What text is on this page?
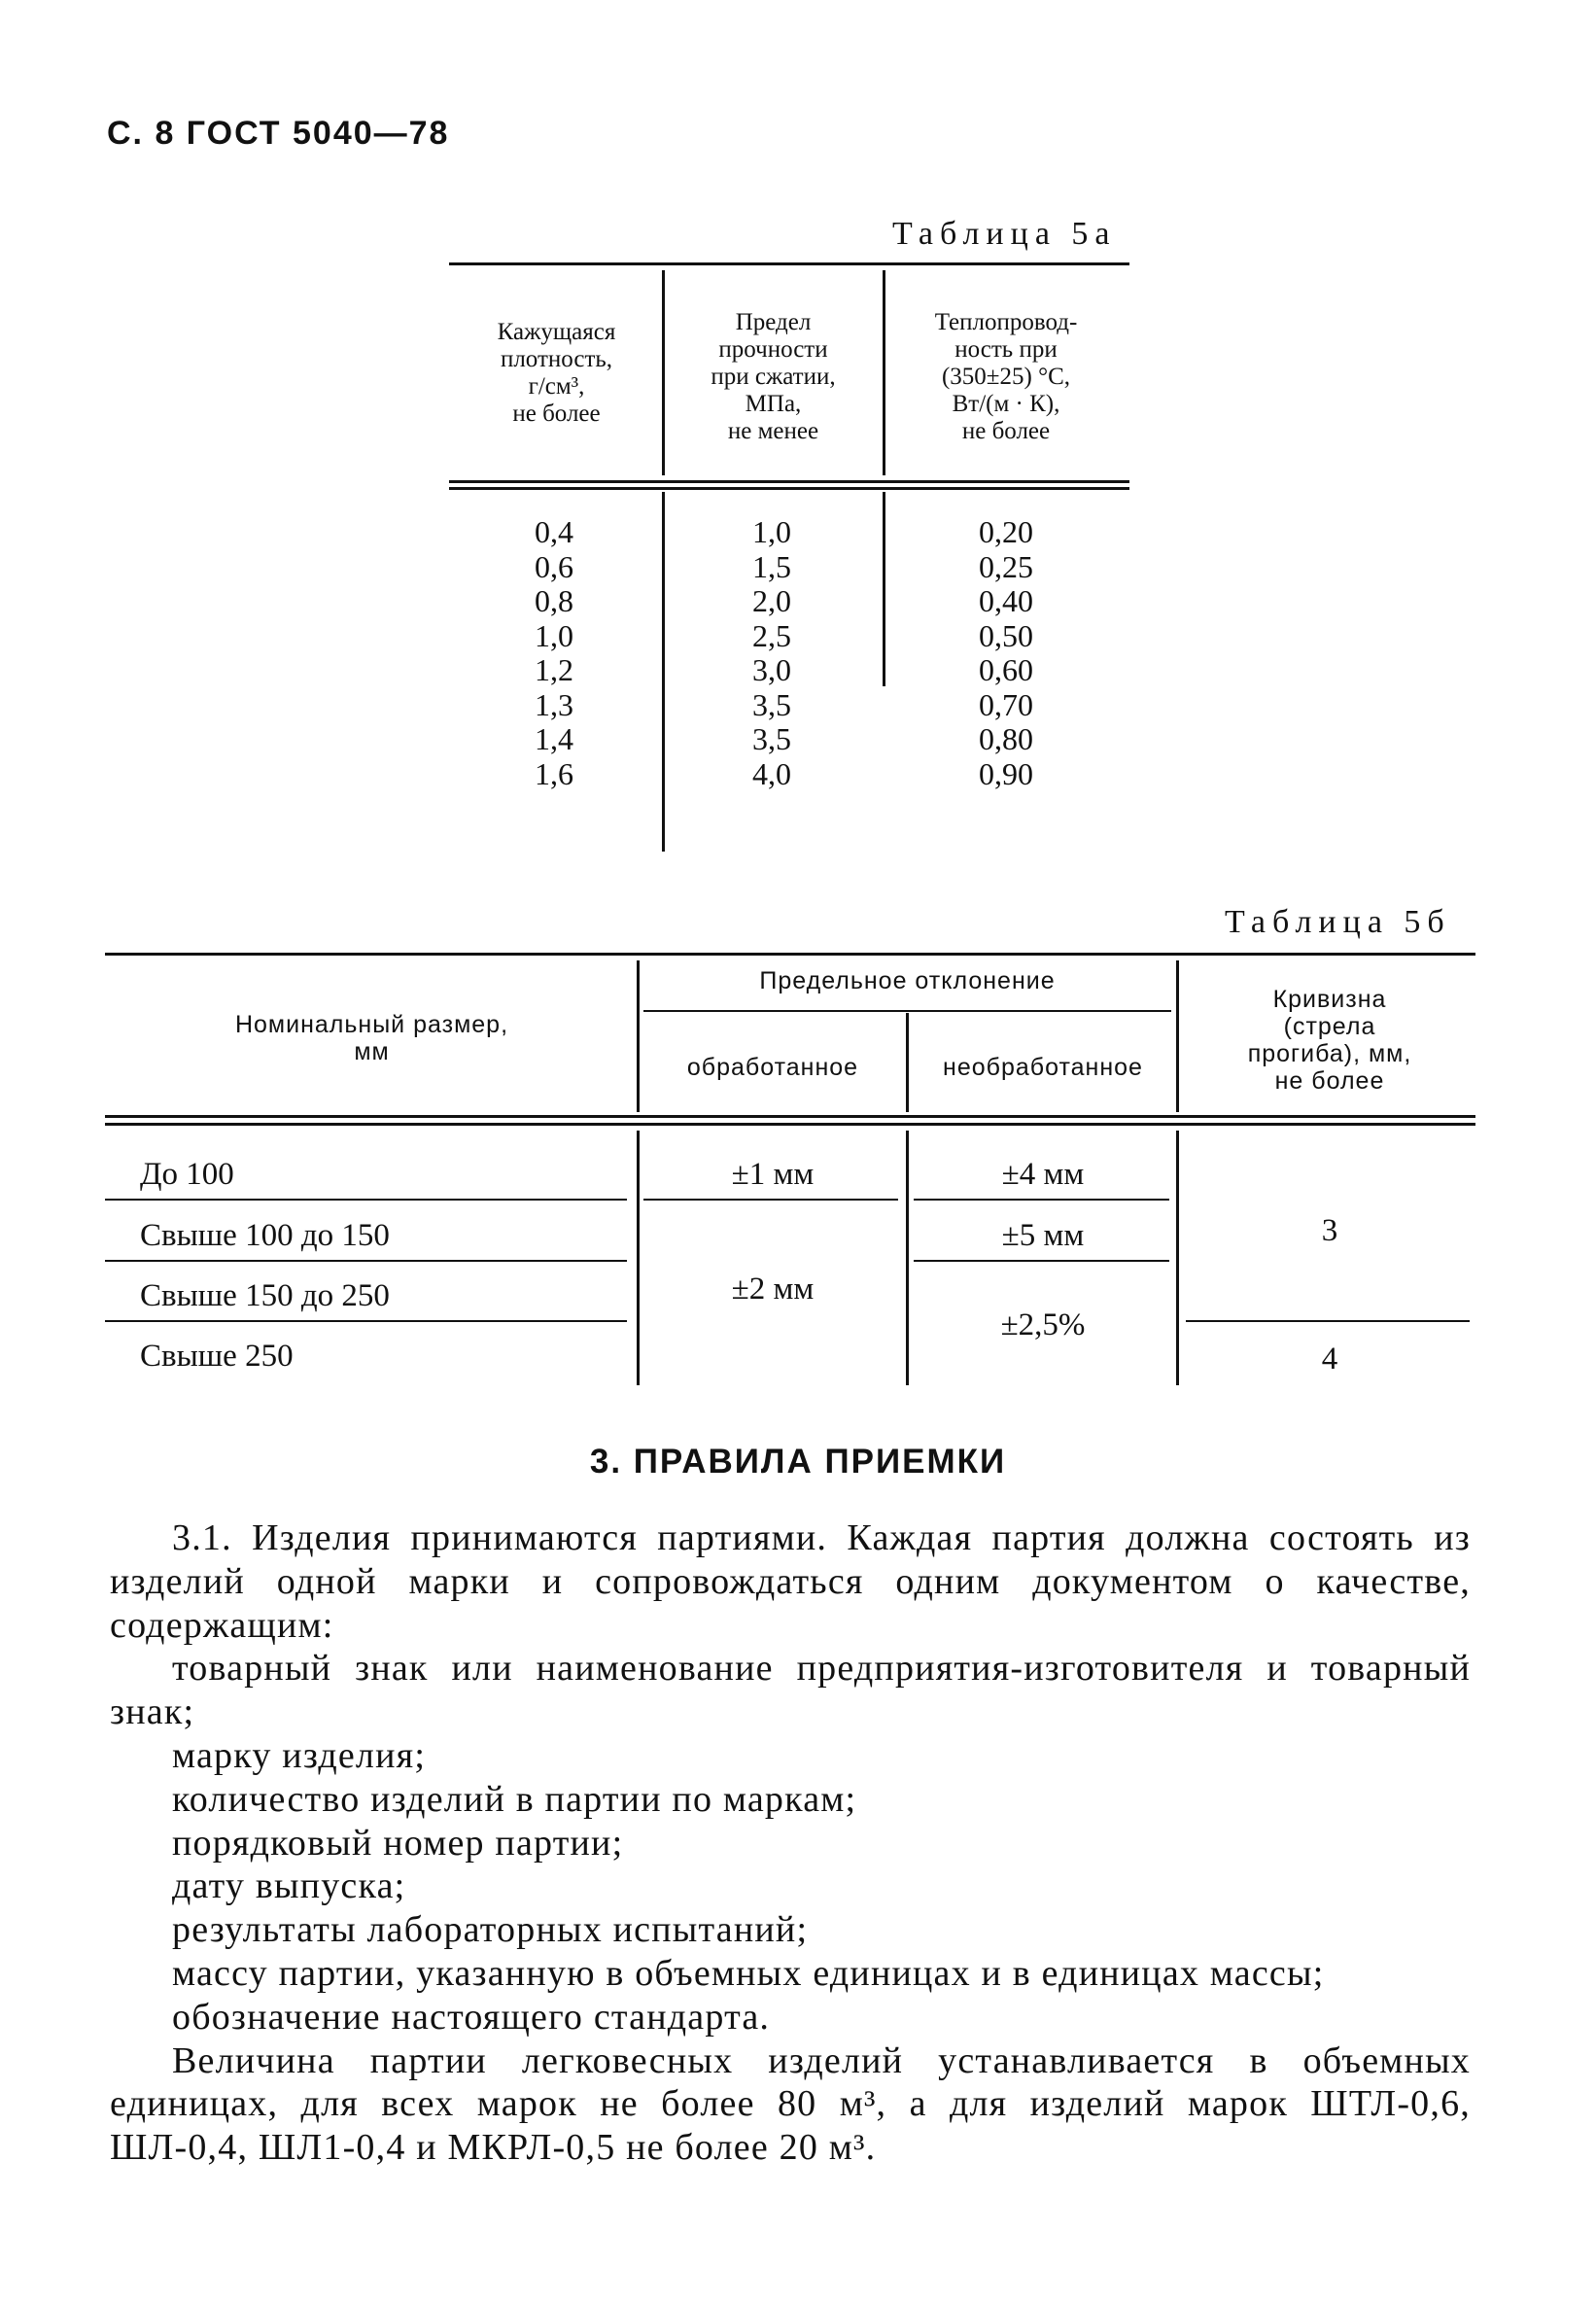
С. 8 ГОСТ 5040—78
Таблица 5а
Кажущаяся
плотность,
г/см³,
не более
Предел
прочности
при сжатии,
МПа,
не менее
Теплопровод-
ность при
(350±25) °С,
Вт/(м · К),
не более
0,4
0,6
0,8
1,0
1,2
1,3
1,4
1,6
1,0
1,5
2,0
2,5
3,0
3,5
3,5
4,0
0,20
0,25
0,40
0,50
0,60
0,70
0,80
0,90
Таблица 5б
Номинальный размер,
мм
Предельное отклонение
обработанное	необработанное
Кривизна
(стрела
прогиба), мм,
не более
До 100
Свыше 100 до 150
Свыше 150 до 250
Свыше 250
±1 мм
±2 мм
±4 мм
±5 мм
±2,5%
3
4
3. ПРАВИЛА ПРИЕМКИ

3.1. Изделия принимаются партиями. Каждая партия должна состоять из изделий одной марки и сопровождаться одним документом о качестве, содержащим:

товарный знак или наименование предприятия-изготовителя и товарный знак;

марку изделия;

количество изделий в партии по маркам;

порядковый номер партии;

дату выпуска;

результаты лабораторных испытаний;

массу партии, указанную в объемных единицах и в единицах массы;

обозначение настоящего стандарта.

Величина партии легковесных изделий устанавливается в объемных единицах, для всех марок не более 80 м³, а для изделий марок ШТЛ-0,6, ШЛ-0,4, ШЛ1-0,4 и МКРЛ-0,5 не более 20 м³.
